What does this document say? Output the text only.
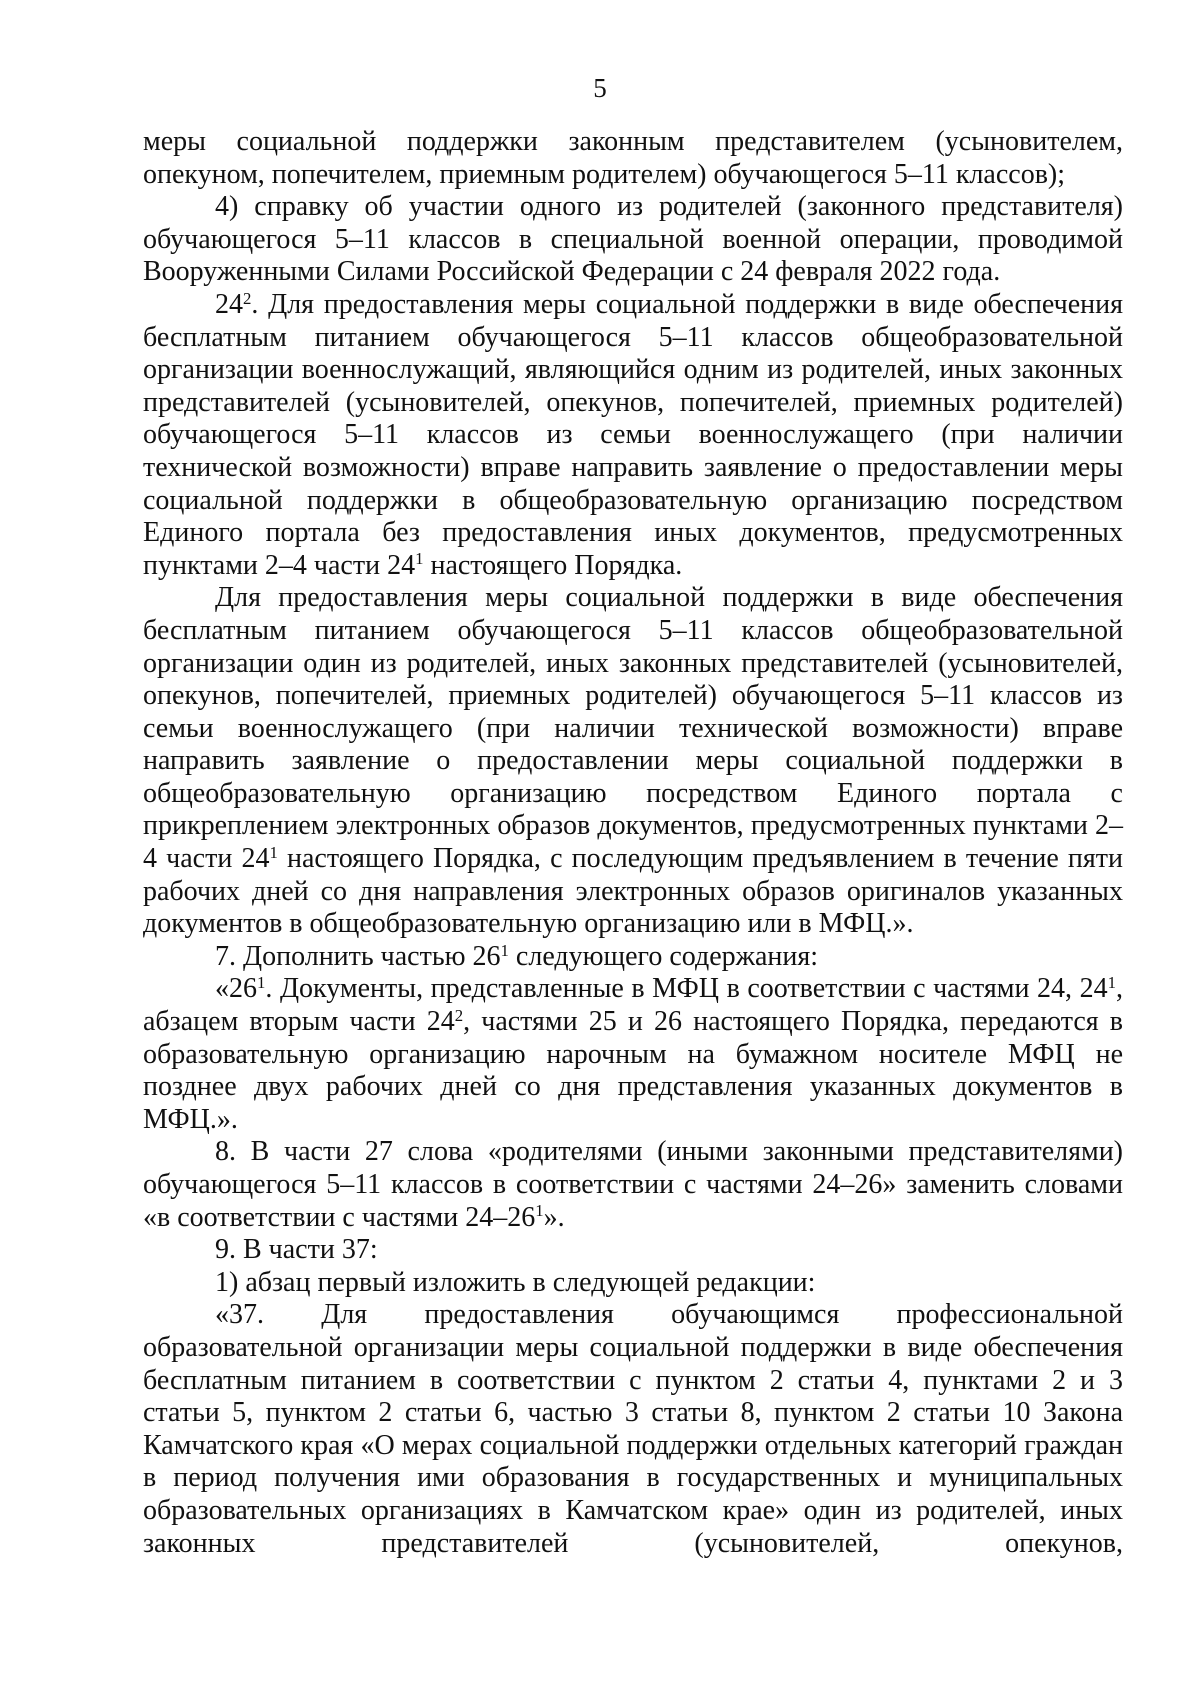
5

меры социальной поддержки законным представителем (усыновителем, опекуном, попечителем, приемным родителем) обучающегося 5–11 классов);

4) справку об участии одного из родителей (законного представителя) обучающегося 5–11 классов в специальной военной операции, проводимой Вооруженными Силами Российской Федерации с 24 февраля 2022 года.

$24^2$. Для предоставления меры социальной поддержки в виде обеспечения бесплатным питанием обучающегося 5–11 классов общеобразовательной организации военнослужащий, являющийся одним из родителей, иных законных представителей (усыновителей, опекунов, попечителей, приемных родителей) обучающегося 5–11 классов из семьи военнослужащего (при наличии технической возможности) вправе направить заявление о предоставлении меры социальной поддержки в общеобразовательную организацию посредством Единого портала без предоставления иных документов, предусмотренных пунктами 2–4 части $24^1$ настоящего Порядка.

Для предоставления меры социальной поддержки в виде обеспечения бесплатным питанием обучающегося 5–11 классов общеобразовательной организации один из родителей, иных законных представителей (усыновителей, опекунов, попечителей, приемных родителей) обучающегося 5–11 классов из семьи военнослужащего (при наличии технической возможности) вправе направить заявление о предоставлении меры социальной поддержки в общеобразовательную организацию посредством Единого портала с прикреплением электронных образов документов, предусмотренных пунктами 2–4 части $24^1$ настоящего Порядка, с последующим предъявлением в течение пяти рабочих дней со дня направления электронных образов оригиналов указанных документов в общеобразовательную организацию или в МФЦ.».

7. Дополнить частью $26^1$ следующего содержания:

«$26^1$. Документы, представленные в МФЦ в соответствии с частями 24, $24^1$, абзацем вторым части $24^2$, частями 25 и 26 настоящего Порядка, передаются в образовательную организацию нарочным на бумажном носителе МФЦ не позднее двух рабочих дней со дня представления указанных документов в МФЦ.».

8. В части 27 слова «родителями (иными законными представителями) обучающегося 5–11 классов в соответствии с частями 24–26» заменить словами «в соответствии с частями $24-26^1$».

9. В части 37:

1) абзац первый изложить в следующей редакции:

«37. Для предоставления обучающимся профессиональной образовательной организации меры социальной поддержки в виде обеспечения бесплатным питанием в соответствии с пунктом 2 статьи 4, пунктами 2 и 3 статьи 5, пунктом 2 статьи 6, частью 3 статьи 8, пунктом 2 статьи 10 Закона Камчатского края «О мерах социальной поддержки отдельных категорий граждан в период получения ими образования в государственных и муниципальных образовательных организациях в Камчатском крае» один из родителей, иных законных представителей (усыновителей, опекунов,
